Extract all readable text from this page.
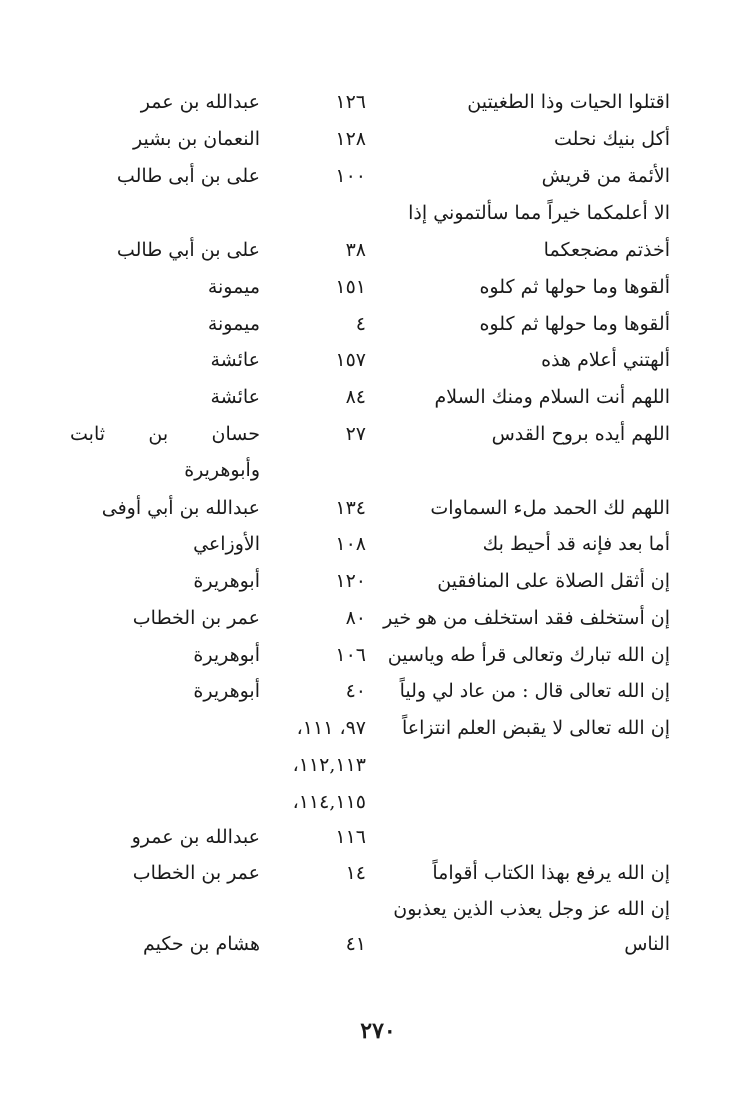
اقتلوا الحيات وذا الطغيتين
١٢٦
عبدالله بن عمر
أكل بنيك نحلت
١٢٨
النعمان بن بشير
الأئمة من قريش
١٠٠
على بن أبى طالب
الا أعلمكما خيراً مما سألتموني إذا
أخذتم مضجعكما
٣٨
على بن أبي طالب
ألقوها وما حولها ثم كلوه
١٥١
ميمونة
ألقوها وما حولها ثم كلوه
٤
ميمونة
ألهتني أعلام هذه
١٥٧
عائشة
اللهم أنت السلام ومنك السلام
٨٤
عائشة
اللهم أيده بروح القدس
٢٧
حسان بن ثابت
وأبوهريرة
اللهم لك الحمد ملء السماوات
١٣٤
عبدالله بن أبي أوفى
أما بعد فإنه قد أحيط بك
١٠٨
الأوزاعي
إن أثقل الصلاة على المنافقين
١٢٠
أبوهريرة
إن أستخلف فقد استخلف من هو خير
٨٠
عمر بن الخطاب
إن الله تبارك وتعالى قرأ طه وياسين
١٠٦
أبوهريرة
إن الله تعالى قال : من عاد لي ولياً
٤٠
أبوهريرة
إن الله تعالى لا يقبض العلم انتزاعاً
٩٧، ١١١،
١١٢,١١٣،
١١٤,١١٥،
١١٦
عبدالله بن عمرو
إن الله يرفع بهذا الكتاب أقواماً
١٤
عمر بن الخطاب
إن الله عز وجل يعذب الذين يعذبون
الناس
٤١
هشام بن حكيم
٢٧٠
